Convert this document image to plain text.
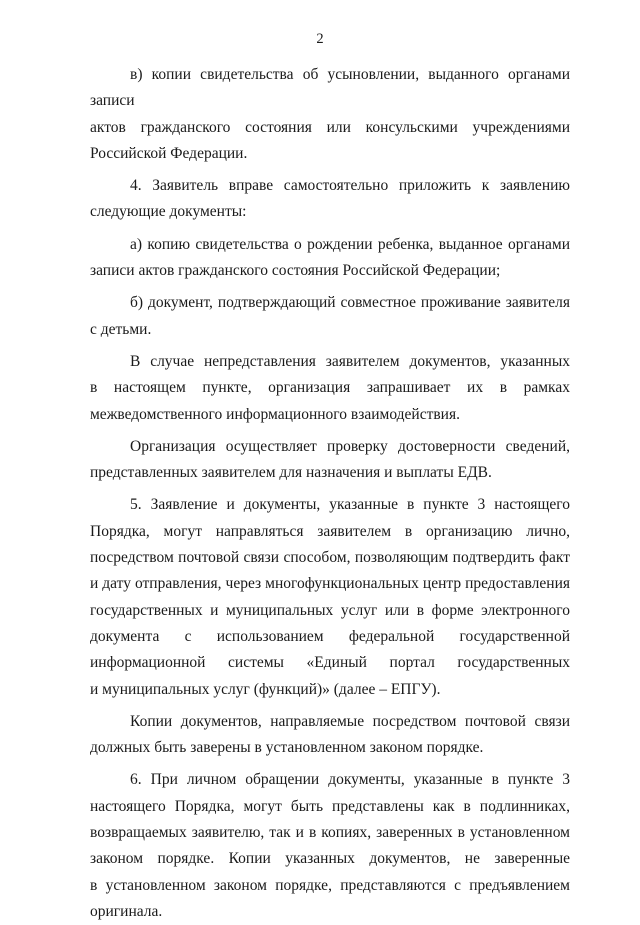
2
в) копии свидетельства об усыновлении, выданного органами записи
актов гражданского состояния или консульскими учреждениями
Российской Федерации.
4. Заявитель вправе самостоятельно приложить к заявлению
следующие документы:
а) копию свидетельства о рождении ребенка, выданное органами
записи актов гражданского состояния Российской Федерации;
б) документ, подтверждающий совместное проживание заявителя
с детьми.
В случае непредставления заявителем документов, указанных
в настоящем пункте, организация запрашивает их в рамках
межведомственного информационного взаимодействия.
Организация осуществляет проверку достоверности сведений,
представленных заявителем для назначения и выплаты ЕДВ.
5. Заявление и документы, указанные в пункте 3 настоящего
Порядка, могут направляться заявителем в организацию лично,
посредством почтовой связи способом, позволяющим подтвердить факт
и дату отправления, через многофункциональных центр предоставления
государственных и муниципальных услуг или в форме электронного
документа с использованием федеральной государственной
информационной системы «Единый портал государственных
и муниципальных услуг (функций)» (далее – ЕПГУ).
Копии документов, направляемые посредством почтовой связи
должных быть заверены в установленном законом порядке.
6. При личном обращении документы, указанные в пункте 3
настоящего Порядка, могут быть представлены как в подлинниках,
возвращаемых заявителю, так и в копиях, заверенных в установленном
законом порядке. Копии указанных документов, не заверенные
в установленном законом порядке, представляются с предъявлением
оригинала.
